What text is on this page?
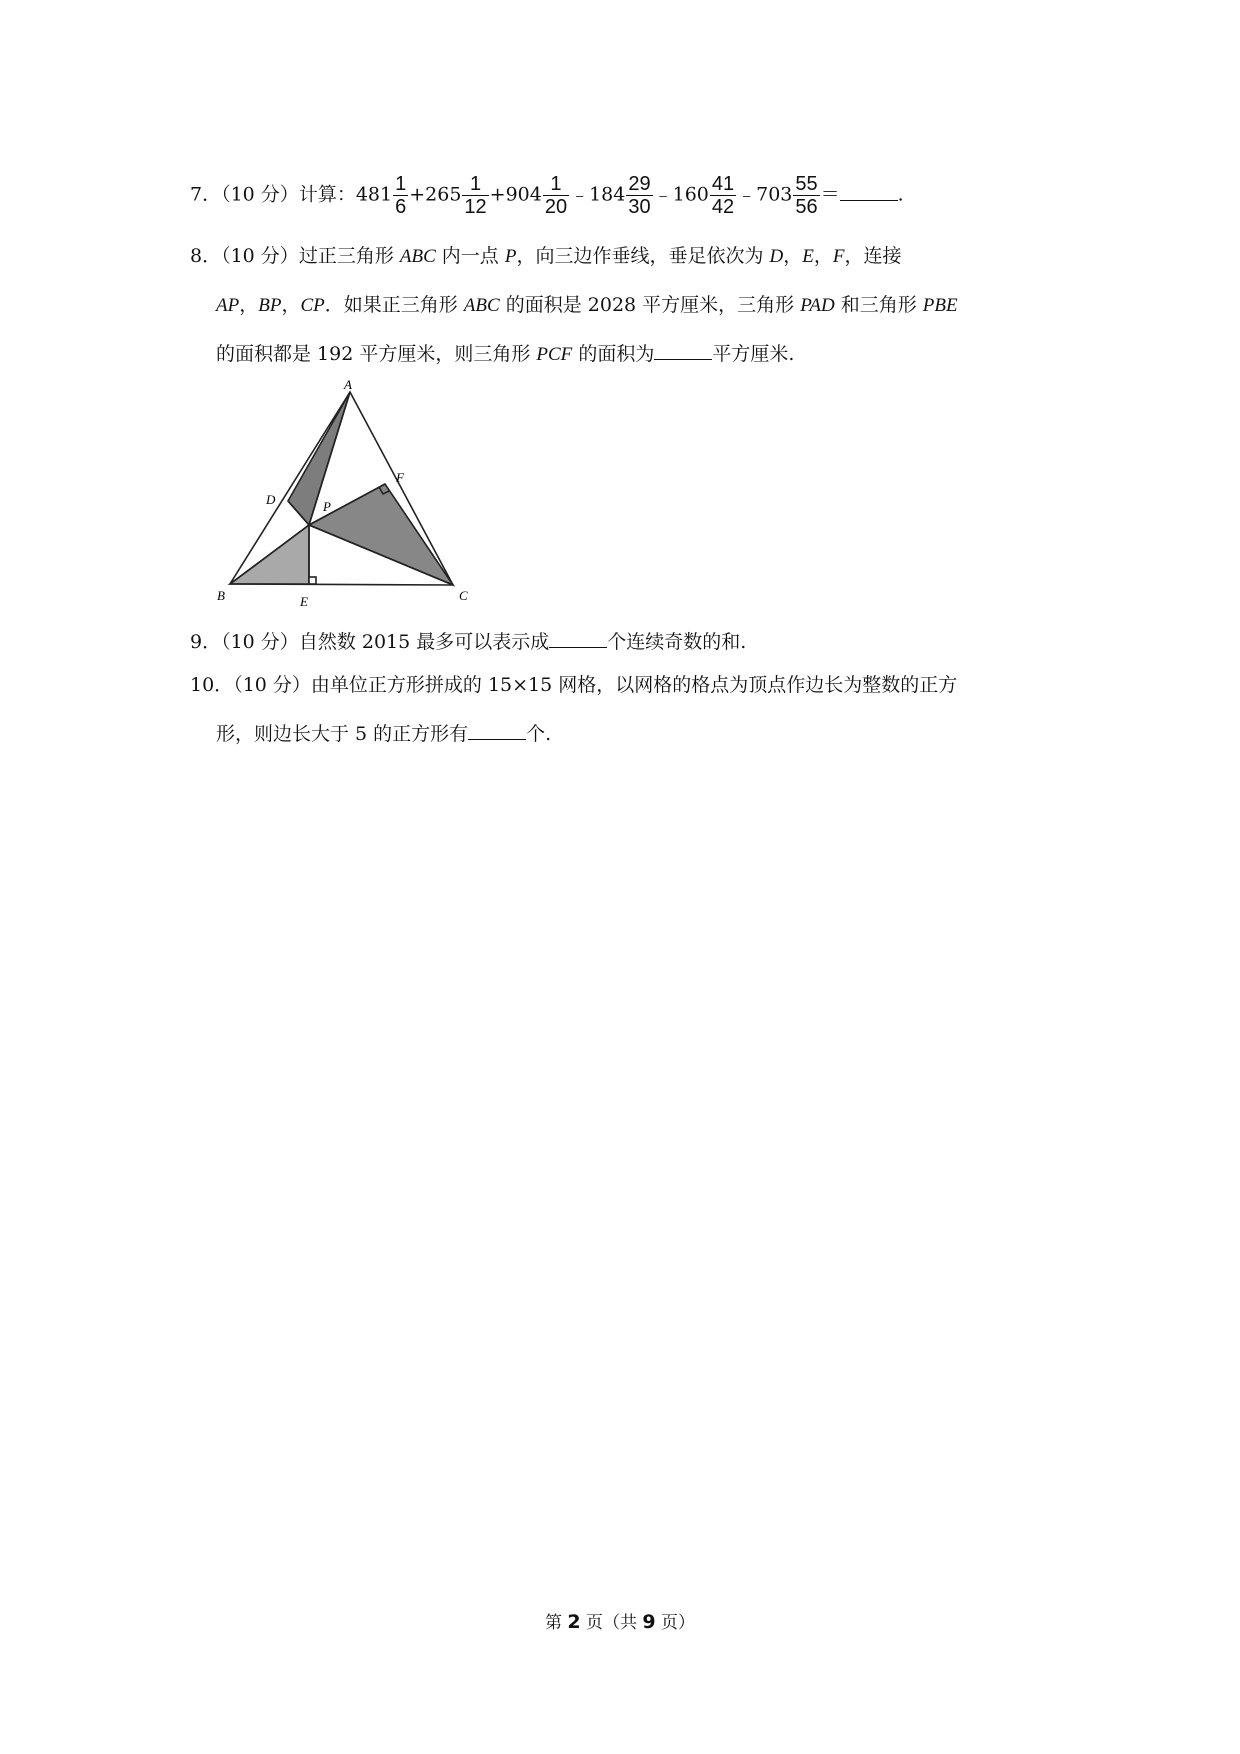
7．（10 分）计算：$481 \frac{1}{6} +265 \frac{1}{12} +904 \frac{1}{20}$ ﹣184 $\frac{29}{30}$ ﹣160 $\frac{41}{42}$ ﹣703 $\frac{55}{56}$ ＝	.
8．（10 分）过正三角形 ABC 内一点 P，向三边作垂线，垂足依次为 D，E，F，连接
AP，BP，CP．如果正三角形 ABC 的面积是 2028 平方厘米，三角形 PAD 和三角形 PBE
的面积都是 192 平方厘米，则三角形 PCF 的面积为	平方厘米.
A
B	C
D
E
F
P
9．（10 分）自然数 2015 最多可以表示成	个连续奇数的和.
10．（10 分）由单位正方形拼成的 15×15 网格，以网格的格点为顶点作边长为整数的正方
形，则边长大于 5 的正方形有	个.
第 2 页（共 9 页）
